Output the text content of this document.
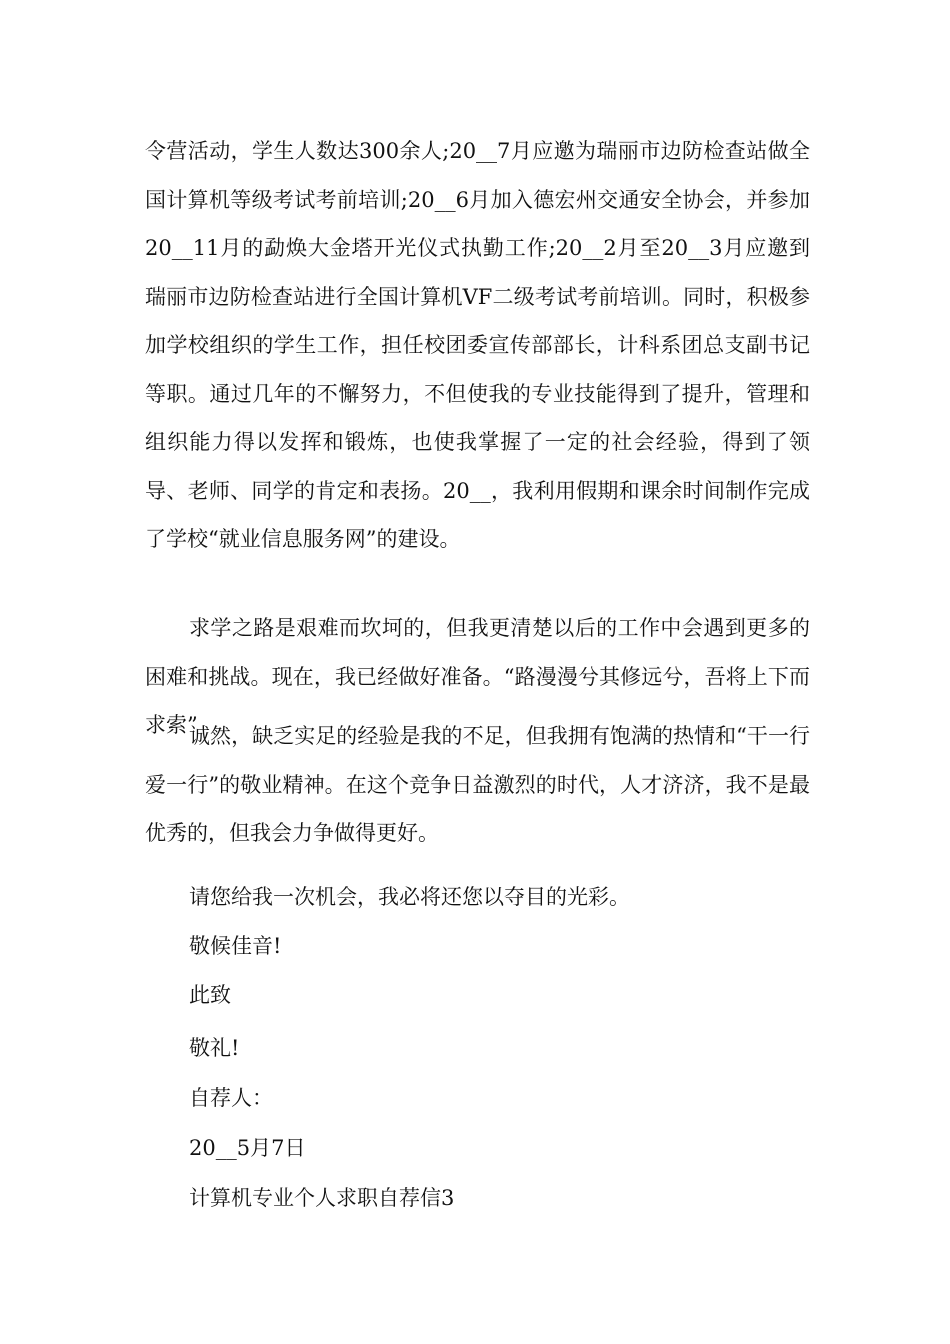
令营活动，学生人数达300余人;20__7月应邀为瑞丽市边防检查站做全国计算机等级考试考前培训;20__6月加入德宏州交通安全协会，并参加20__11月的勐焕大金塔开光仪式执勤工作;20__2月至20__3月应邀到瑞丽市边防检查站进行全国计算机VF二级考试考前培训。同时，积极参加学校组织的学生工作，担任校团委宣传部部长，计科系团总支副书记等职。通过几年的不懈努力，不但使我的专业技能得到了提升，管理和组织能力得以发挥和锻炼，也使我掌握了一定的社会经验，得到了领导、老师、同学的肯定和表扬。20__，我利用假期和课余时间制作完成了学校“就业信息服务网”的建设。

求学之路是艰难而坎坷的，但我更清楚以后的工作中会遇到更多的困难和挑战。现在，我已经做好准备。“路漫漫兮其修远兮，吾将上下而求索”

诚然，缺乏实足的经验是我的不足，但我拥有饱满的热情和“干一行爱一行”的敬业精神。在这个竞争日益激烈的时代，人才济济，我不是最优秀的，但我会力争做得更好。

请您给我一次机会，我必将还您以夺目的光彩。
敬候佳音!
此致
敬礼!
自荐人：
20__5月7日
计算机专业个人求职自荐信3
